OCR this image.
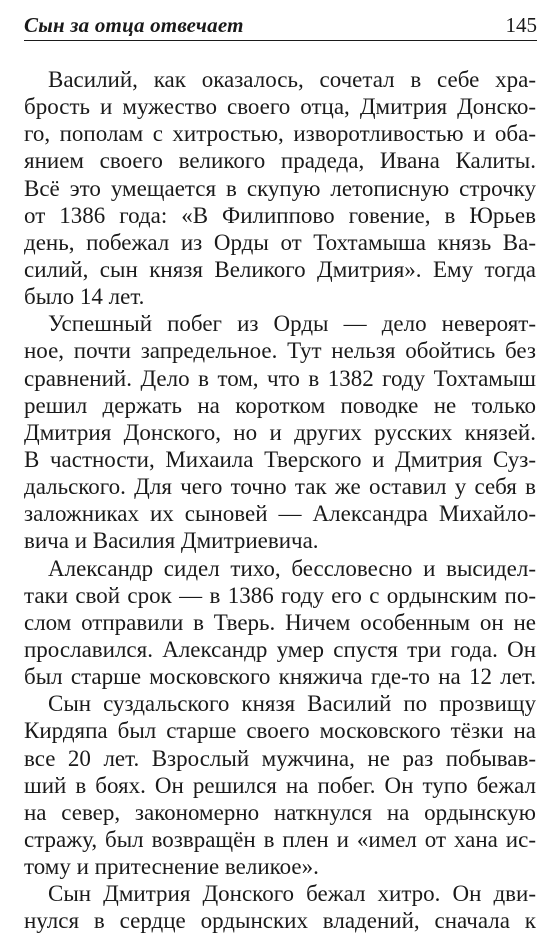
Сын за отца отвечает	145

Василий, как оказалось, сочетал в себе хра-
брость и мужество своего отца, Дмитрия Донско-
го, пополам с хитростью, изворотливостью и оба-
янием своего великого прадеда, Ивана Калиты.
Всё это умещается в скупую летописную строчку
от 1386 года: «В Филиппово говение, в Юрьев
день, побежал из Орды от Тохтамыша князь Ва-
силий, сын князя Великого Дмитрия». Ему тогда
было 14 лет.

Успешный побег из Орды — дело невероят-
ное, почти запредельное. Тут нельзя обойтись без
сравнений. Дело в том, что в 1382 году Тохтамыш
решил держать на коротком поводке не только
Дмитрия Донского, но и других русских князей.
В частности, Михаила Тверского и Дмитрия Суз-
дальского. Для чего точно так же оставил у себя в
заложниках их сыновей — Александра Михайло-
вича и Василия Дмитриевича.

Александр сидел тихо, бессловесно и высидел-
таки свой срок — в 1386 году его с ордынским по-
слом отправили в Тверь. Ничем особенным он не
прославился. Александр умер спустя три года. Он
был старше московского княжича где-то на 12 лет.

Сын суздальского князя Василий по прозвищу
Кирдяпа был старше своего московского тёзки на
все 20 лет. Взрослый мужчина, не раз побывав-
ший в боях. Он решился на побег. Он тупо бежал
на север, закономерно наткнулся на ордынскую
стражу, был возвращён в плен и «имел от хана ис-
тому и притеснение великое».

Сын Дмитрия Донского бежал хитро. Он дви-
нулся в сердце ордынских владений, сначала к
